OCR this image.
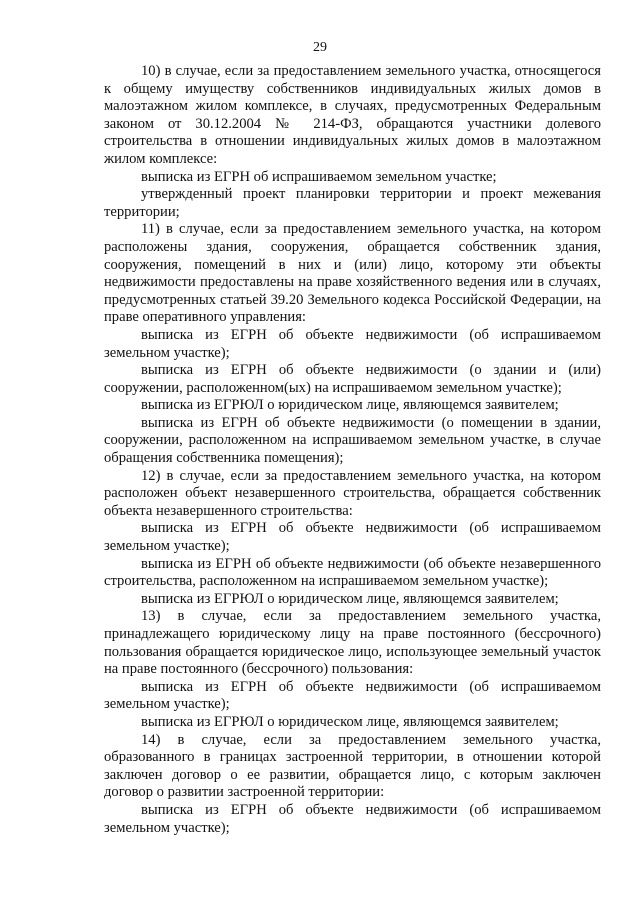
29

10) в случае, если за предоставлением земельного участка, относящегося к общему имуществу собственников индивидуальных жилых домов в малоэтажном жилом комплексе, в случаях, предусмотренных Федеральным законом от 30.12.2004 № 214-ФЗ, обращаются участники долевого строительства в отношении индивидуальных жилых домов в малоэтажном жилом комплексе:

выписка из ЕГРН об испрашиваемом земельном участке;

утвержденный проект планировки территории и проект межевания территории;

11) в случае, если за предоставлением земельного участка, на котором расположены здания, сооружения, обращается собственник здания, сооружения, помещений в них и (или) лицо, которому эти объекты недвижимости предоставлены на праве хозяйственного ведения или в случаях, предусмотренных статьей 39.20 Земельного кодекса Российской Федерации, на праве оперативного управления:

выписка из ЕГРН об объекте недвижимости (об испрашиваемом земельном участке);

выписка из ЕГРН об объекте недвижимости (о здании и (или) сооружении, расположенном(ых) на испрашиваемом земельном участке);

выписка из ЕГРЮЛ о юридическом лице, являющемся заявителем;

выписка из ЕГРН об объекте недвижимости (о помещении в здании, сооружении, расположенном на испрашиваемом земельном участке, в случае обращения собственника помещения);

12) в случае, если за предоставлением земельного участка, на котором расположен объект незавершенного строительства, обращается собственник объекта незавершенного строительства:

выписка из ЕГРН об объекте недвижимости (об испрашиваемом земельном участке);

выписка из ЕГРН об объекте недвижимости (об объекте незавершенного строительства, расположенном на испрашиваемом земельном участке);

выписка из ЕГРЮЛ о юридическом лице, являющемся заявителем;

13) в случае, если за предоставлением земельного участка, принадлежащего юридическому лицу на праве постоянного (бессрочного) пользования обращается юридическое лицо, использующее земельный участок на праве постоянного (бессрочного) пользования:

выписка из ЕГРН об объекте недвижимости (об испрашиваемом земельном участке);

выписка из ЕГРЮЛ о юридическом лице, являющемся заявителем;

14) в случае, если за предоставлением земельного участка, образованного в границах застроенной территории, в отношении которой заключен договор о ее развитии, обращается лицо, с которым заключен договор о развитии застроенной территории:

выписка из ЕГРН об объекте недвижимости (об испрашиваемом земельном участке);
